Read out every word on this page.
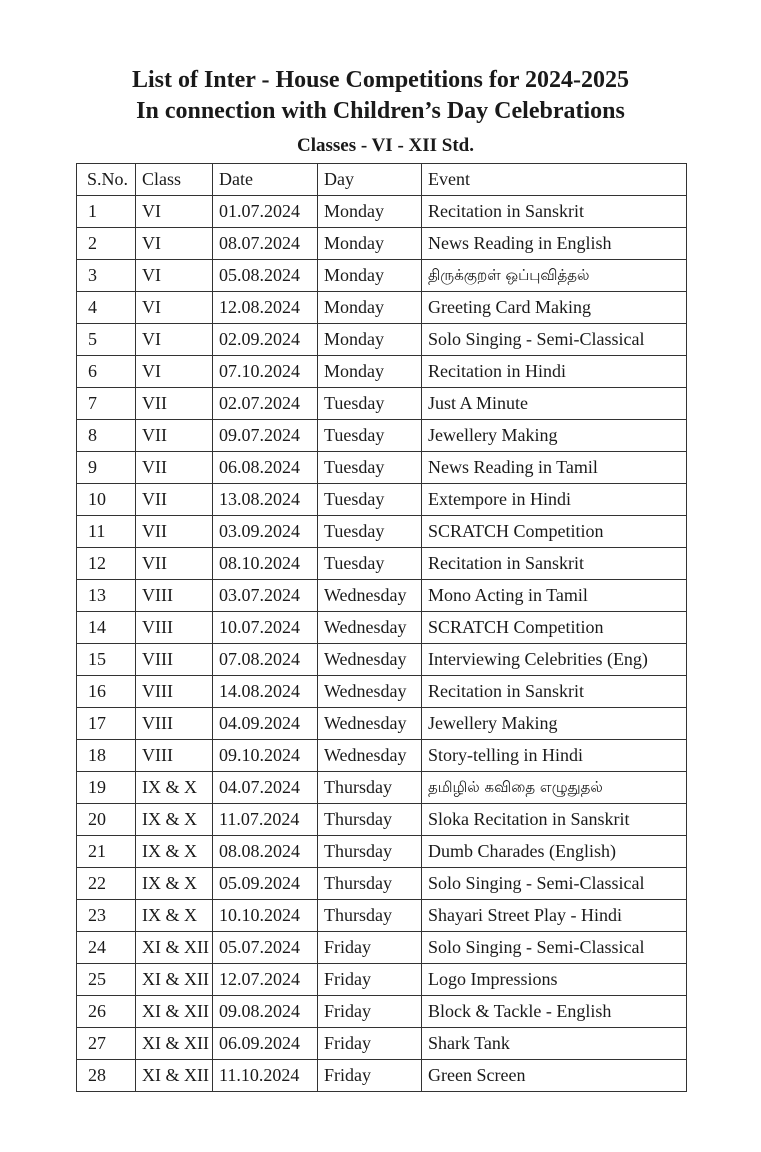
List of Inter - House Competitions for 2024-2025
In connection with Children’s Day Celebrations
Classes - VI - XII Std.
S.No.	Class	Date	Day	Event
1	VI	01.07.2024	Monday	Recitation in Sanskrit
2	VI	08.07.2024	Monday	News Reading in English
3	VI	05.08.2024	Monday	திருக்குறள் ஒப்புவித்தல்
4	VI	12.08.2024	Monday	Greeting Card Making
5	VI	02.09.2024	Monday	Solo Singing - Semi-Classical
6	VI	07.10.2024	Monday	Recitation in Hindi
7	VII	02.07.2024	Tuesday	Just A Minute
8	VII	09.07.2024	Tuesday	Jewellery Making
9	VII	06.08.2024	Tuesday	News Reading in Tamil
10	VII	13.08.2024	Tuesday	Extempore in Hindi
11	VII	03.09.2024	Tuesday	SCRATCH Competition
12	VII	08.10.2024	Tuesday	Recitation in Sanskrit
13	VIII	03.07.2024	Wednesday	Mono Acting in Tamil
14	VIII	10.07.2024	Wednesday	SCRATCH Competition
15	VIII	07.08.2024	Wednesday	Interviewing Celebrities (Eng)
16	VIII	14.08.2024	Wednesday	Recitation in Sanskrit
17	VIII	04.09.2024	Wednesday	Jewellery Making
18	VIII	09.10.2024	Wednesday	Story-telling in Hindi
19	IX & X	04.07.2024	Thursday	தமிழில் கவிதை எழுதுதல்
20	IX & X	11.07.2024	Thursday	Sloka Recitation in Sanskrit
21	IX & X	08.08.2024	Thursday	Dumb Charades (English)
22	IX & X	05.09.2024	Thursday	Solo Singing - Semi-Classical
23	IX & X	10.10.2024	Thursday	Shayari Street Play - Hindi
24	XI & XII	05.07.2024	Friday	Solo Singing - Semi-Classical
25	XI & XII	12.07.2024	Friday	Logo Impressions
26	XI & XII	09.08.2024	Friday	Block & Tackle - English
27	XI & XII	06.09.2024	Friday	Shark Tank
28	XI & XII	11.10.2024	Friday	Green Screen
